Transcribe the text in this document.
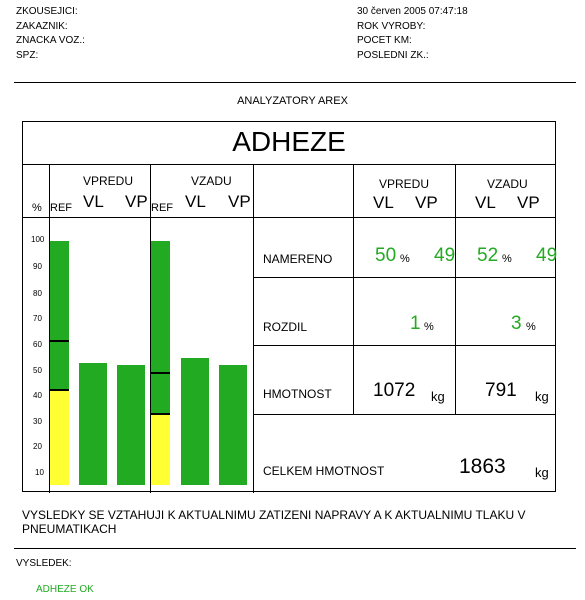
ZKOUSEJICI:
ZAKAZNIK:
ZNACKA VOZ.:
SPZ:
30 červen 2005 07:47:18
ROK VYROBY:
POCET KM:
POSLEDNI ZK.:
ANALYZATORY AREX
ADHEZE
VPREDU	VZADU
% REF VL VP REF VL VP
100
90
80
70
60
50
40
30
20
10
VPREDU	VZADU
VL VP VL VP
NAMERENO 50 % 49 52 % 49
ROZDIL	1 %	3 %
HMOTNOST 1072 kg 791 kg
CELKEM HMOTNOST	1863 kg
VYSLEDKY SE VZTAHUJI K AKTUALNIMU ZATIZENI NAPRAVY A K AKTUALNIMU TLAKU V
PNEUMATIKACH
VYSLEDEK:
ADHEZE OK
